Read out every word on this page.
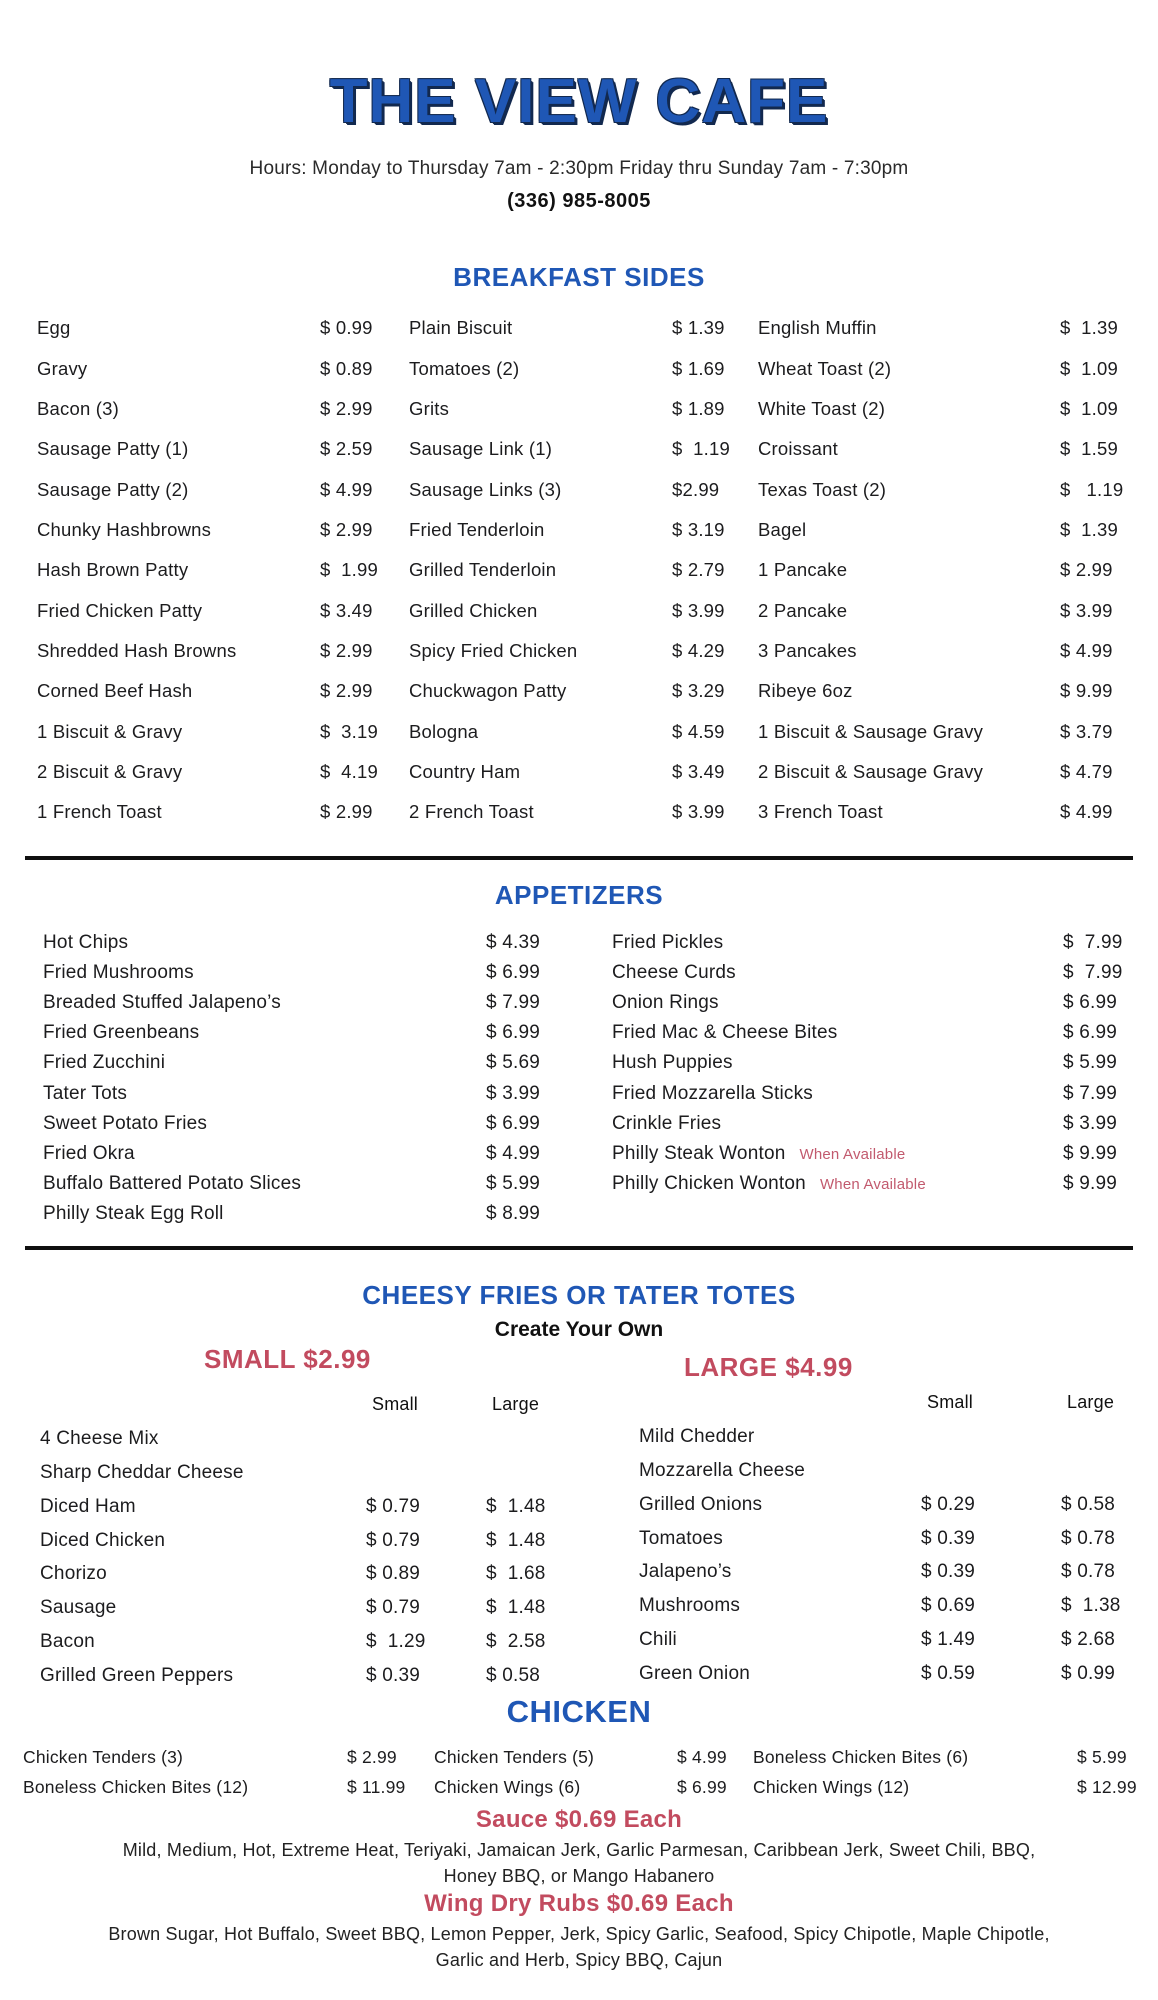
THE VIEW CAFE
Hours: Monday to Thursday 7am - 2:30pm Friday thru Sunday 7am - 7:30pm
(336) 985-8005
BREAKFAST SIDES
Egg	$ 0.99	Plain Biscuit	$ 1.39	English Muffin	$  1.39
Gravy	$ 0.89	Tomatoes (2)	$ 1.69	Wheat Toast (2)	$  1.09
Bacon (3)	$ 2.99	Grits	$ 1.89	White Toast (2)	$  1.09
Sausage Patty (1)	$ 2.59	Sausage Link (1)	$  1.19	Croissant	$  1.59
Sausage Patty (2)	$ 4.99	Sausage Links (3)	$2.99	Texas Toast (2)	$   1.19
Chunky Hashbrowns	$ 2.99	Fried Tenderloin	$ 3.19	Bagel	$  1.39
Hash Brown Patty	$  1.99	Grilled Tenderloin	$ 2.79	1 Pancake	$ 2.99
Fried Chicken Patty	$ 3.49	Grilled Chicken	$ 3.99	2 Pancake	$ 3.99
Shredded Hash Browns	$ 2.99	Spicy Fried Chicken	$ 4.29	3 Pancakes	$ 4.99
Corned Beef Hash	$ 2.99	Chuckwagon Patty	$ 3.29	Ribeye 6oz	$ 9.99
1 Biscuit & Gravy	$  3.19	Bologna	$ 4.59	1 Biscuit & Sausage Gravy	$ 3.79
2 Biscuit & Gravy	$  4.19	Country Ham	$ 3.49	2 Biscuit & Sausage Gravy	$ 4.79
1 French Toast	$ 2.99	2 French Toast	$ 3.99	3 French Toast	$ 4.99
APPETIZERS
Hot Chips	$ 4.39	Fried Pickles	$  7.99
Fried Mushrooms	$ 6.99	Cheese Curds	$  7.99
Breaded Stuffed Jalapeno’s	$ 7.99	Onion Rings	$ 6.99
Fried Greenbeans	$ 6.99	Fried Mac & Cheese Bites	$ 6.99
Fried Zucchini	$ 5.69	Hush Puppies	$ 5.99
Tater Tots	$ 3.99	Fried Mozzarella Sticks	$ 7.99
Sweet Potato Fries	$ 6.99	Crinkle Fries	$ 3.99
Fried Okra	$ 4.99	Philly Steak Wonton When Available	$ 9.99
Buffalo Battered Potato Slices	$ 5.99	Philly Chicken Wonton When Available	$ 9.99
Philly Steak Egg Roll	$ 8.99
CHEESY FRIES OR TATER TOTES
Create Your Own
SMALL $2.99	LARGE $4.99
Small	Large
4 Cheese Mix
Sharp Cheddar Cheese
Diced Ham	$ 0.79	$  1.48
Diced Chicken	$ 0.79	$  1.48
Chorizo	$ 0.89	$  1.68
Sausage	$ 0.79	$  1.48
Bacon	$  1.29	$  2.58
Grilled Green Peppers	$ 0.39	$ 0.58
Small	Large
Mild Chedder
Mozzarella Cheese
Grilled Onions	$ 0.29	$ 0.58
Tomatoes	$ 0.39	$ 0.78
Jalapeno’s	$ 0.39	$ 0.78
Mushrooms	$ 0.69	$  1.38
Chili	$ 1.49	$ 2.68
Green Onion	$ 0.59	$ 0.99
CHICKEN
Chicken Tenders (3)	$ 2.99	Chicken Tenders (5)	$ 4.99	Boneless Chicken Bites (6)	$ 5.99
Boneless Chicken Bites (12)	$ 11.99	Chicken Wings (6)	$ 6.99	Chicken Wings (12)	$ 12.99
Sauce $0.69 Each
Mild, Medium, Hot, Extreme Heat, Teriyaki, Jamaican Jerk, Garlic Parmesan, Caribbean Jerk, Sweet Chili, BBQ,
Honey BBQ, or Mango Habanero
Wing Dry Rubs $0.69 Each
Brown Sugar, Hot Buffalo, Sweet BBQ, Lemon Pepper, Jerk, Spicy Garlic, Seafood, Spicy Chipotle, Maple Chipotle,
Garlic and Herb, Spicy BBQ, Cajun
